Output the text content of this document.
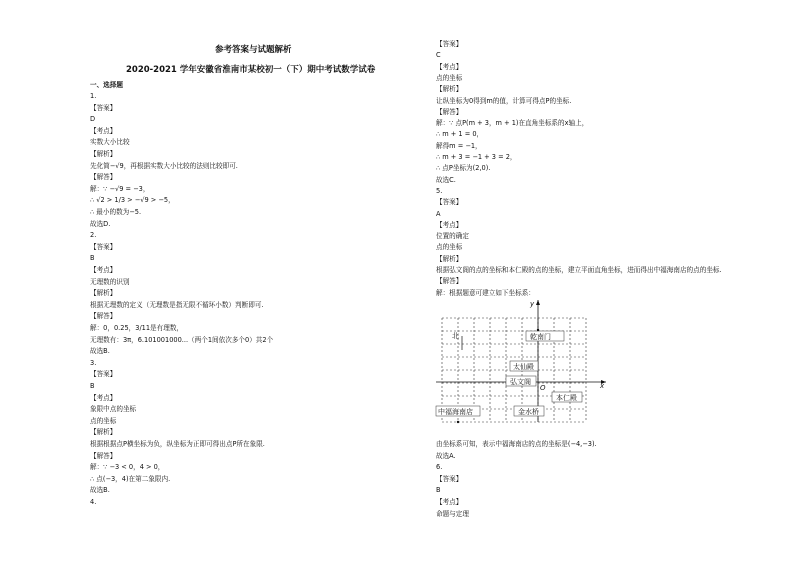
参考答案与试题解析
2020-2021 学年安徽省淮南市某校初一（下）期中考试数学试卷
一、选择题
1.
【答案】
D
【考点】
实数大小比较
【解析】
先化简−√9，再根据实数大小比较的法则比较即可.
【解答】
解：∵ −√9 = −3，
∴ √2 > 1/3 > −√9 > −5，
∴ 最小的数为−5.
故选D.
2.
【答案】
B
【考点】
无理数的识别
【解析】
根据无理数的定义（无理数是指无限不循环小数）判断即可.
【解答】
解：0，0.25，3/11是有理数，
无理数有：3π，6.101001000...（两个1间依次多个0）共2个
故选B.
3.
【答案】
B
【考点】
象限中点的坐标
点的坐标
【解析】
根据根据点P横坐标为负，纵坐标为正即可得出点P所在象限.
【解答】
解：∵ −3 < 0，4 > 0，
∴ 点(−3，4)在第二象限内.
故选B.
4.
【答案】
C
【考点】
点的坐标
【解析】
让纵坐标为0得到m的值，计算可得点P的坐标.
【解答】
解：∵ 点P(m + 3，m + 1)在直角坐标系的x轴上，
∴ m + 1 = 0，
解得m = −1，
∴ m + 3 = −1 + 3 = 2，
∴ 点P坐标为(2,0).
故选C.
5.
【答案】
A
【考点】
位置的确定
点的坐标
【解析】
根据弘文阁的点的坐标和本仁殿的点的坐标，建立平面直角坐标，进而得出中福海南店的点的坐标.
【解答】
解：根据题意可建立如下坐标系：
由坐标系可知，表示中福海南店的点的坐标是(−4,−3).
故选A.
6.
【答案】
B
【考点】
命题与定理
x
y
O
北	乾南门
太仙殿
弘文阁
本仁殿
中福海南店	金水桥
